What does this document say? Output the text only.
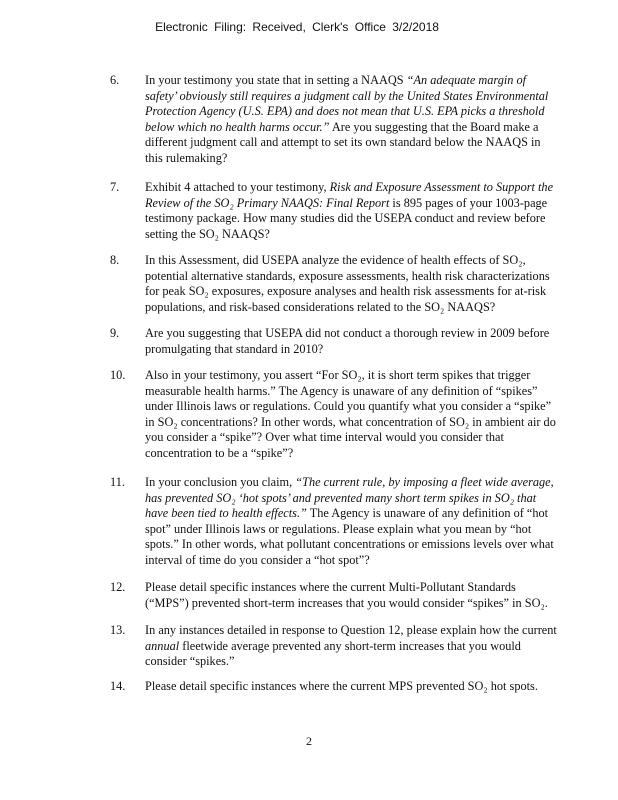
Electronic Filing: Received, Clerk's Office 3/2/2018
6. In your testimony you state that in setting a NAAQS “An adequate margin of safety’ obviously still requires a judgment call by the United States Environmental Protection Agency (U.S. EPA) and does not mean that U.S. EPA picks a threshold below which no health harms occur.” Are you suggesting that the Board make a different judgment call and attempt to set its own standard below the NAAQS in this rulemaking?
7. Exhibit 4 attached to your testimony, Risk and Exposure Assessment to Support the Review of the SO₂ Primary NAAQS: Final Report is 895 pages of your 1003-page testimony package. How many studies did the USEPA conduct and review before setting the SO₂ NAAQS?
8. In this Assessment, did USEPA analyze the evidence of health effects of SO₂, potential alternative standards, exposure assessments, health risk characterizations for peak SO₂ exposures, exposure analyses and health risk assessments for at-risk populations, and risk-based considerations related to the SO₂ NAAQS?
9. Are you suggesting that USEPA did not conduct a thorough review in 2009 before promulgating that standard in 2010?
10. Also in your testimony, you assert “For SO₂, it is short term spikes that trigger measurable health harms.” The Agency is unaware of any definition of “spikes” under Illinois laws or regulations. Could you quantify what you consider a “spike” in SO₂ concentrations? In other words, what concentration of SO₂ in ambient air do you consider a “spike”? Over what time interval would you consider that concentration to be a “spike”?
11. In your conclusion you claim, “The current rule, by imposing a fleet wide average, has prevented SO₂ ‘hot spots’ and prevented many short term spikes in SO₂ that have been tied to health effects.” The Agency is unaware of any definition of “hot spot” under Illinois laws or regulations. Please explain what you mean by “hot spots.” In other words, what pollutant concentrations or emissions levels over what interval of time do you consider a “hot spot”?
12. Please detail specific instances where the current Multi-Pollutant Standards (“MPS”) prevented short-term increases that you would consider “spikes” in SO₂.
13. In any instances detailed in response to Question 12, please explain how the current annual fleetwide average prevented any short-term increases that you would consider “spikes.”
14. Please detail specific instances where the current MPS prevented SO₂ hot spots.
2
